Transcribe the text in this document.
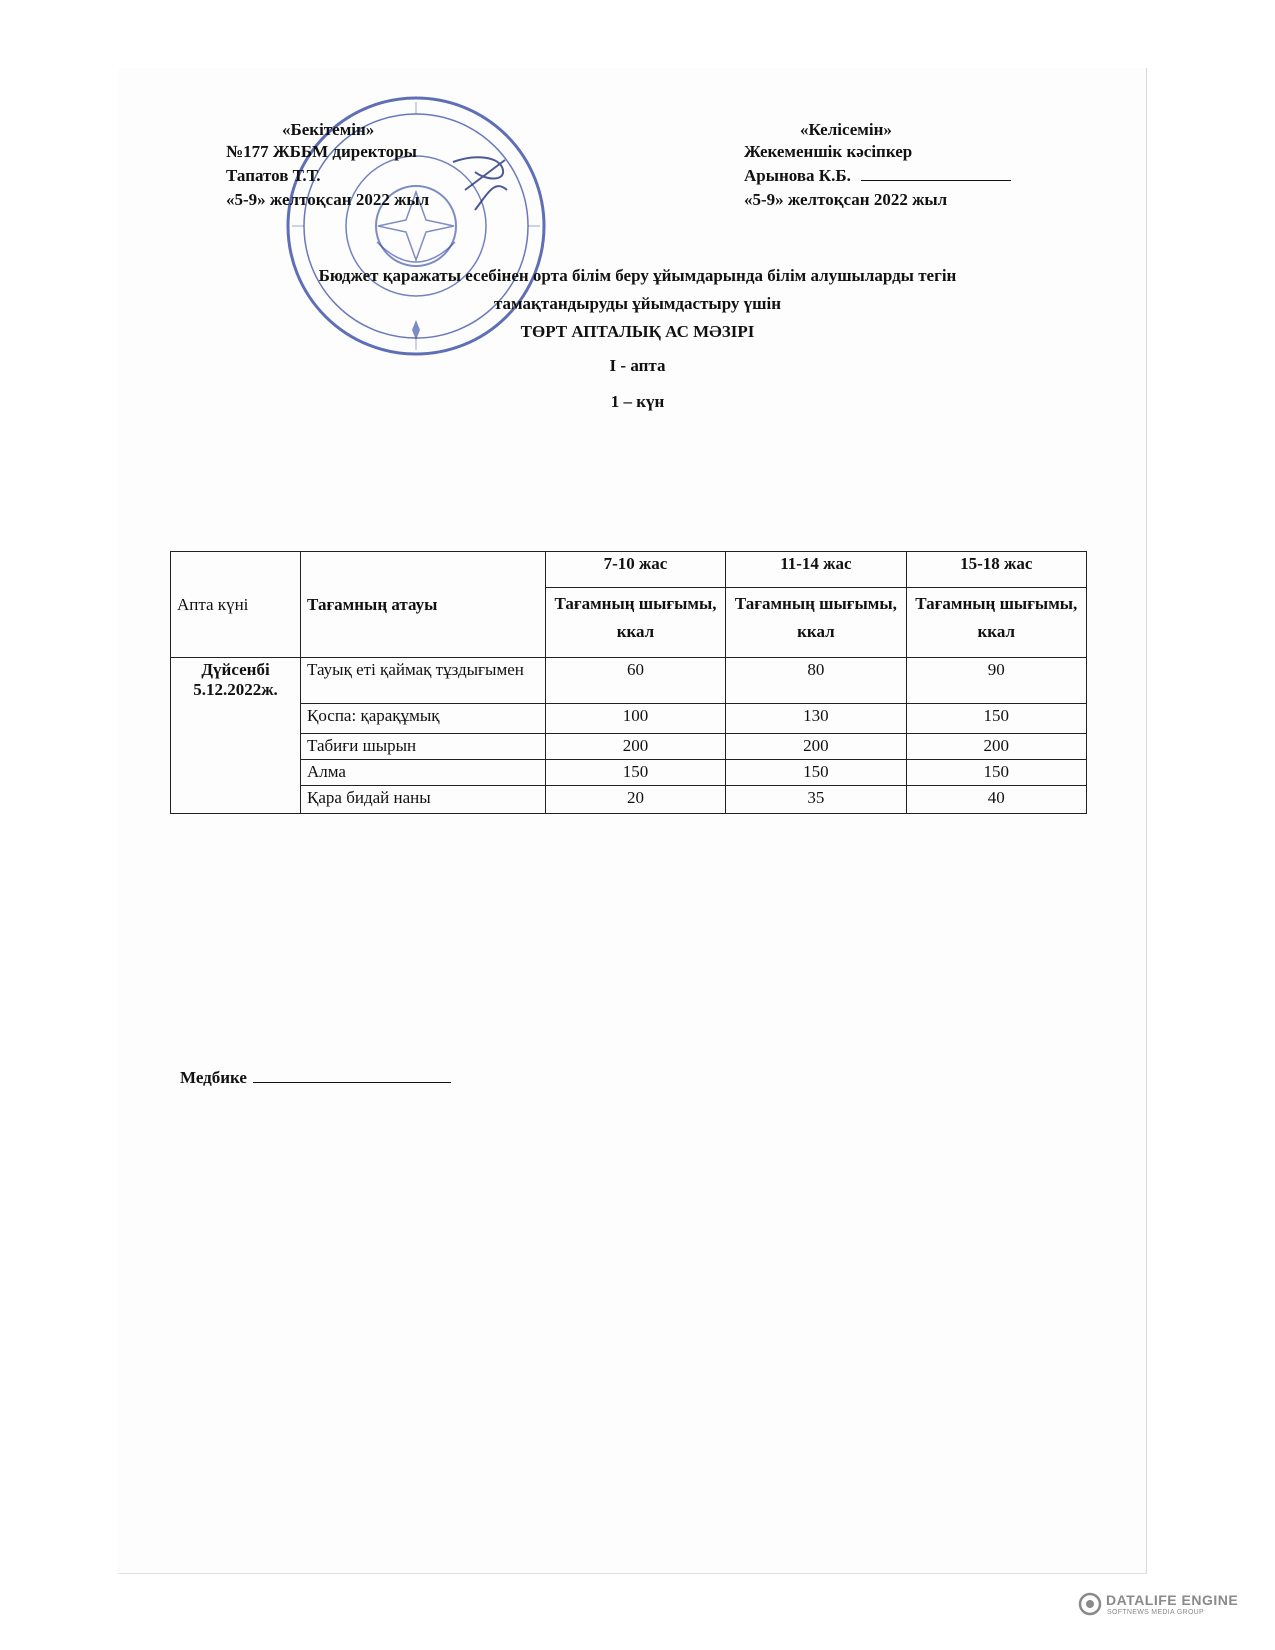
«Бекітемін»
№177 ЖББМ директоры
Тапатов Т.Т.
«5-9» желтоқсан 2022 жыл
«Келісемін»
Жекеменшік кәсіпкер
Арынова К.Б.
«5-9» желтоқсан 2022 жыл
Бюджет қаражаты есебінен орта білім беру ұйымдарында білім алушыларды тегін
тамақтандыруды ұйымдастыру үшін
ТӨРТ АПТАЛЫҚ АС МӘЗІРІ
I - апта
1 – күн
Апта күні	Тағамның атауы	7-10 жас	11-14 жас	15-18 жас
		Тағамның шығымы, ккал	Тағамның шығымы, ккал	Тағамның шығымы, ккал

Дүйсенбі
5.12.2022ж.	Тауық еті қаймақ тұздығымен	60	80	90
	Қоспа: қарақұмық	100	130	150
	Табиғи шырын	200	200	200
	Алма	150	150	150
	Қара бидай наны	20	35	40
Медбике
DATALIFE ENGINE
SOFTNEWS MEDIA GROUP
